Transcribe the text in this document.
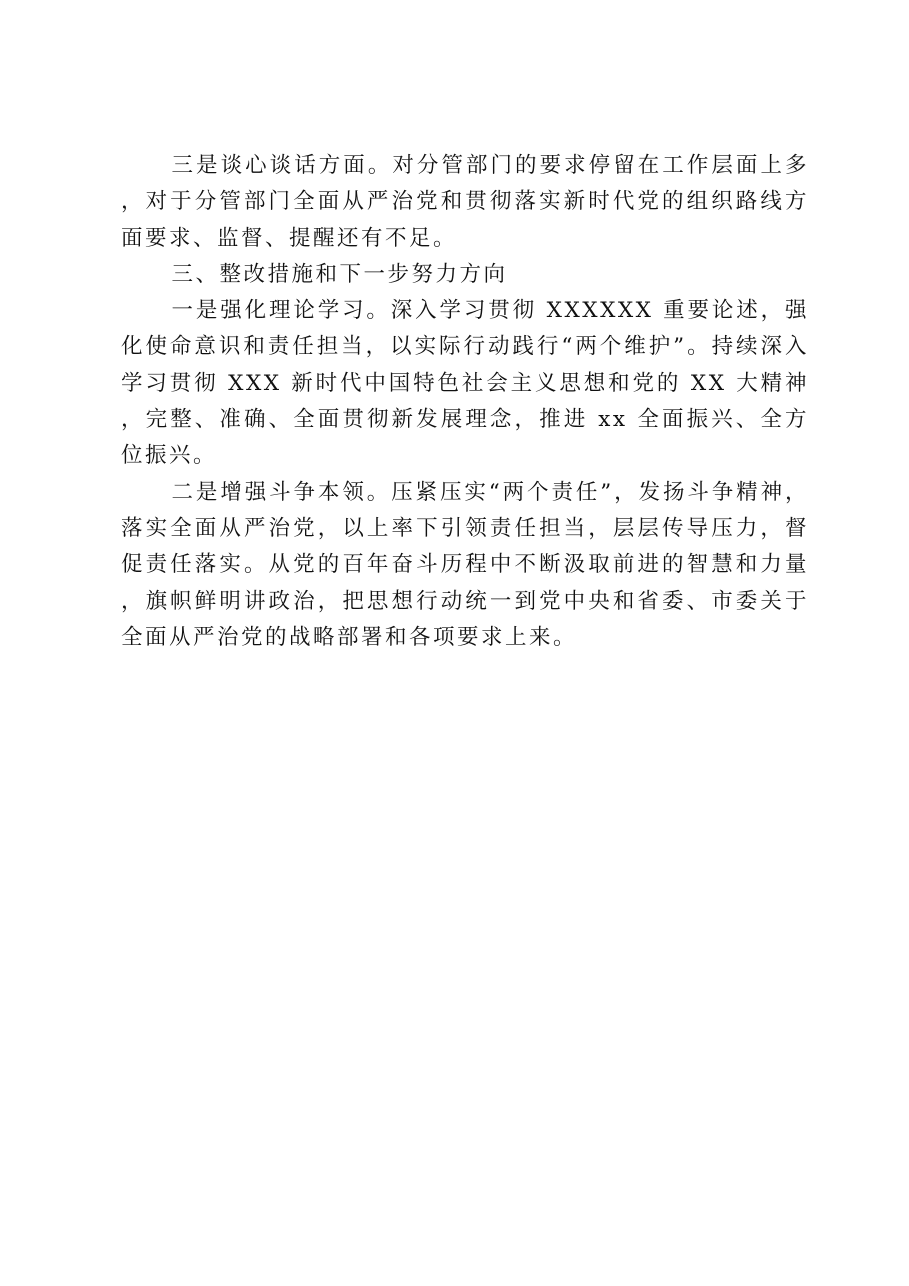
三是谈心谈话方面。对分管部门的要求停留在工作层面上多，对于分管部门全面从严治党和贯彻落实新时代党的组织路线方面要求、监督、提醒还有不足。

三、整改措施和下一步努力方向

一是强化理论学习。深入学习贯彻 XXXXXX 重要论述，强化使命意识和责任担当，以实际行动践行“两个维护”。持续深入学习贯彻 XXX 新时代中国特色社会主义思想和党的 XX 大精神，完整、准确、全面贯彻新发展理念，推进 xx 全面振兴、全方位振兴。

二是增强斗争本领。压紧压实“两个责任”，发扬斗争精神，落实全面从严治党，以上率下引领责任担当，层层传导压力，督促责任落实。从党的百年奋斗历程中不断汲取前进的智慧和力量，旗帜鲜明讲政治，把思想行动统一到党中央和省委、市委关于全面从严治党的战略部署和各项要求上来。
